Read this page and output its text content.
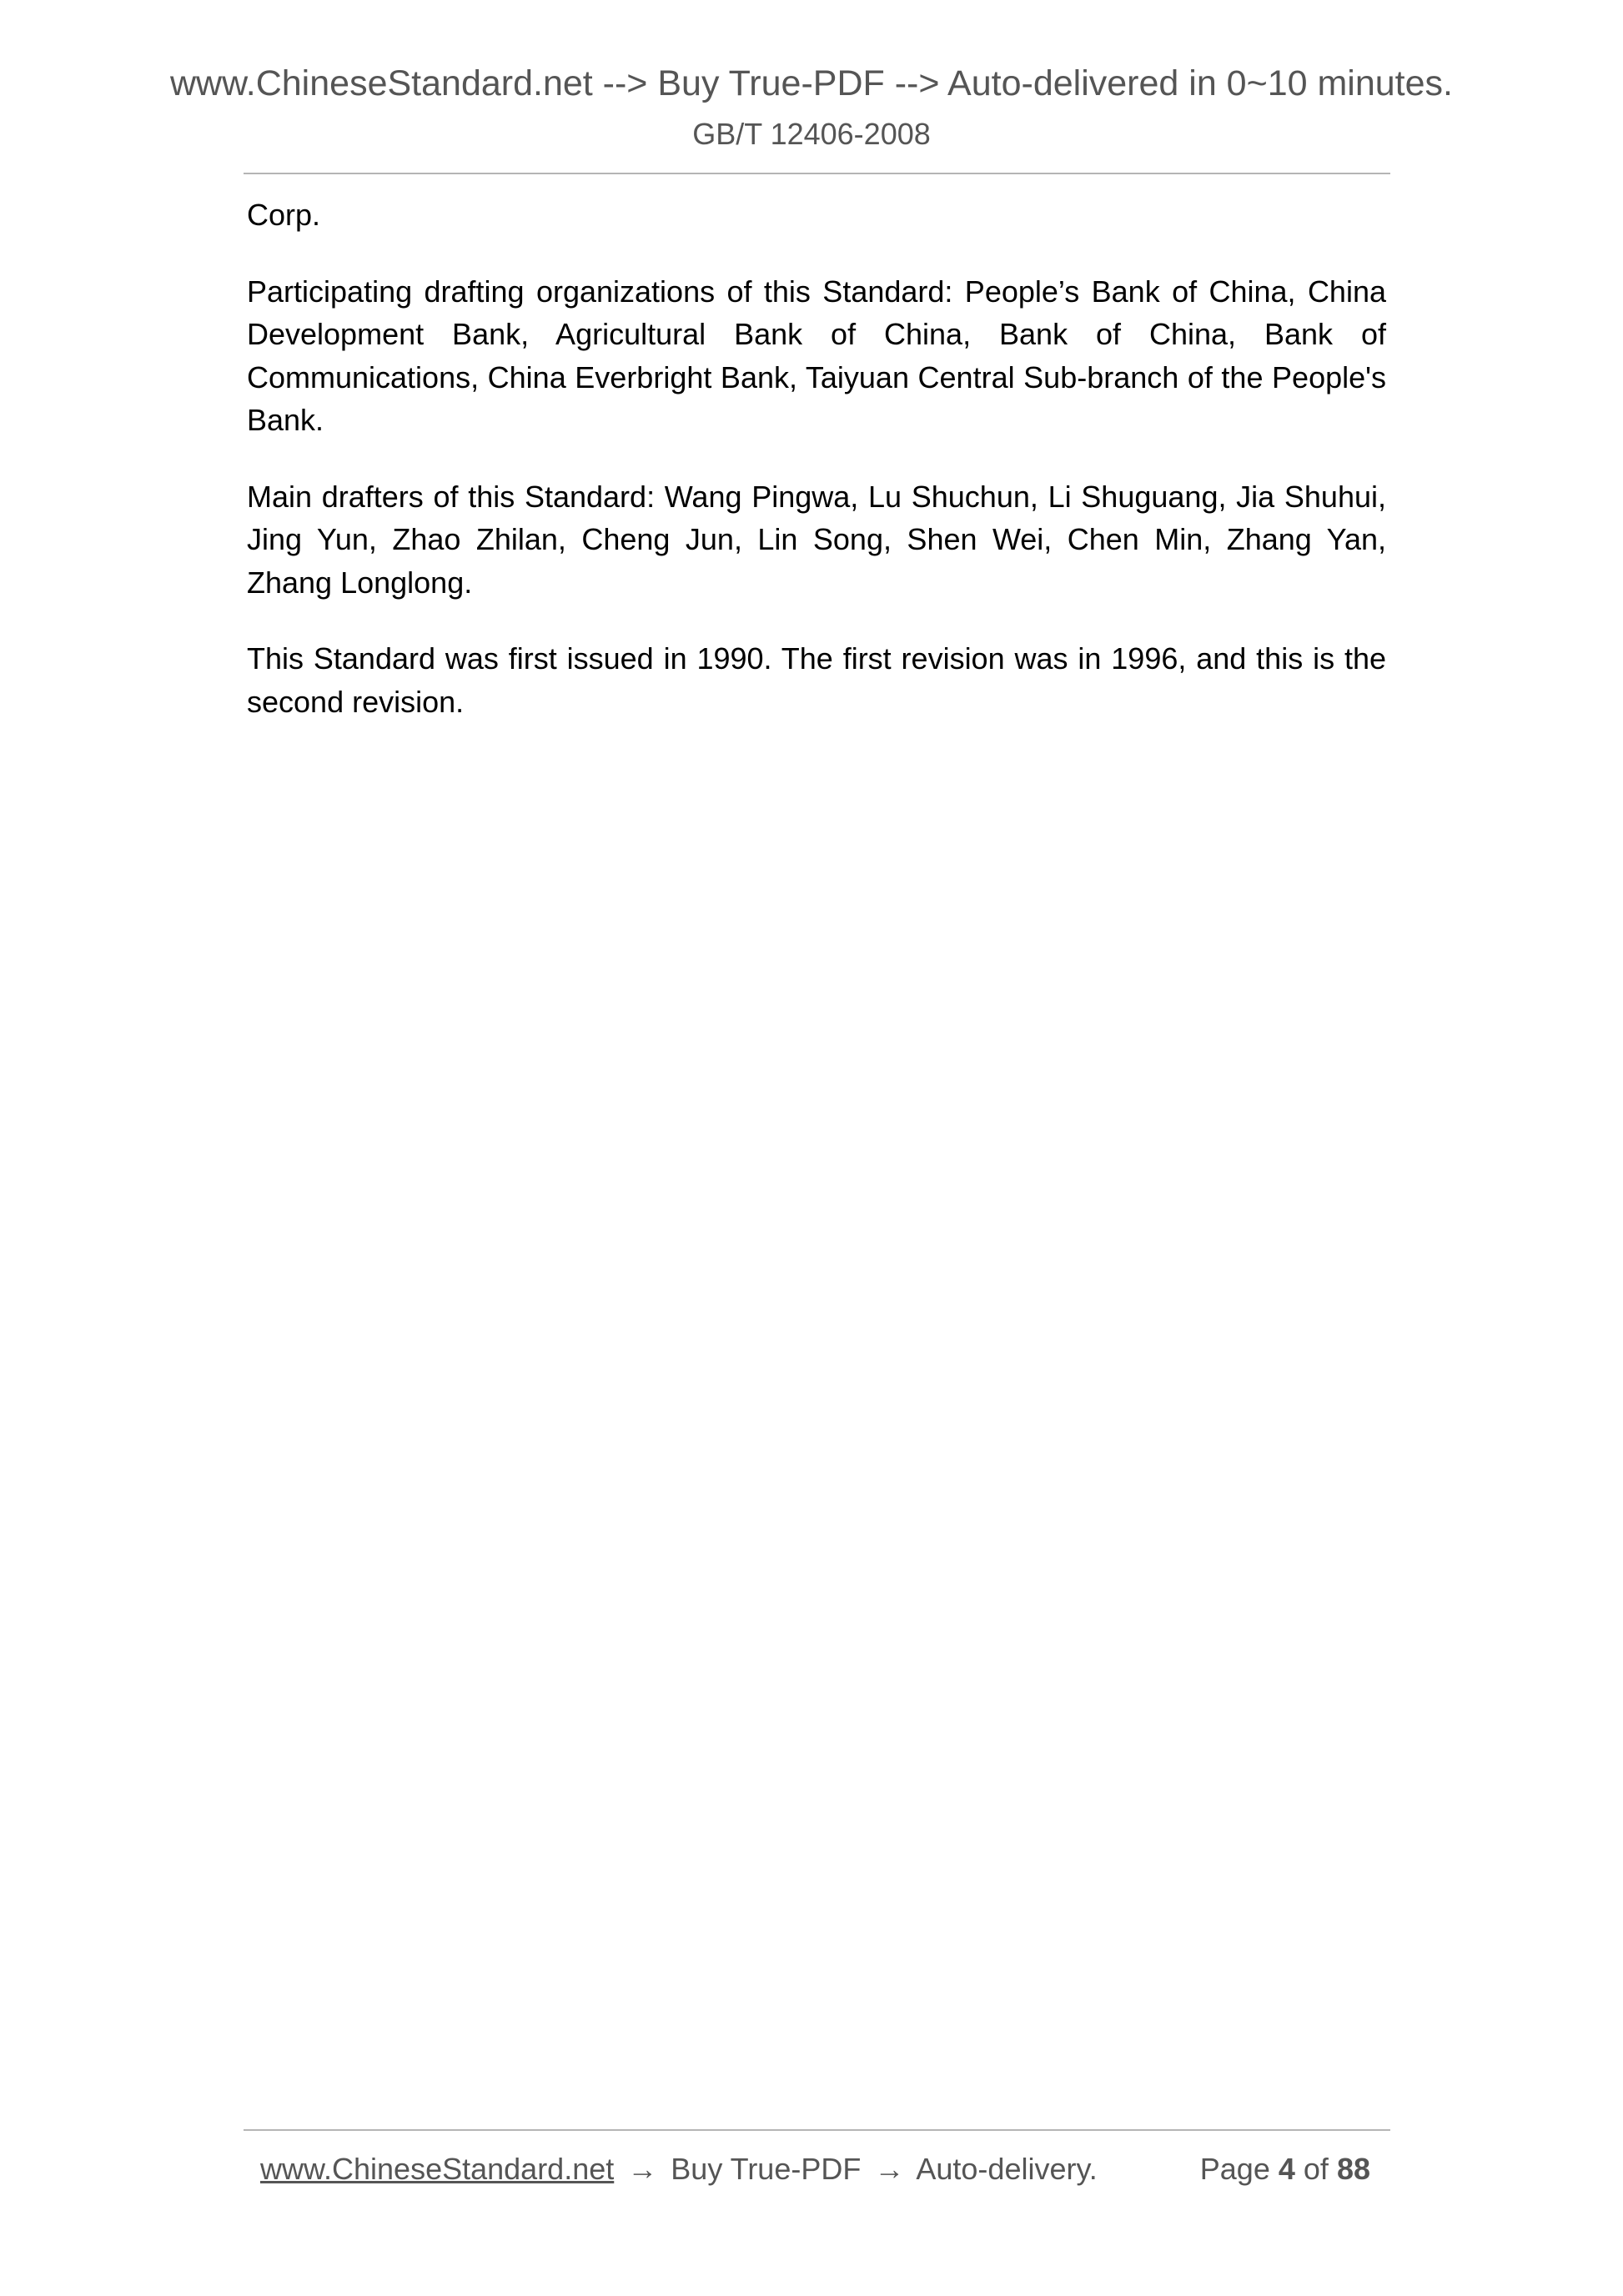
www.ChineseStandard.net --> Buy True-PDF --> Auto-delivered in 0~10 minutes.
GB/T 12406-2008

Corp.

Participating drafting organizations of this Standard: People’s Bank of China, China Development Bank, Agricultural Bank of China, Bank of China, Bank of Communications, China Everbright Bank, Taiyuan Central Sub-branch of the People's Bank.

Main drafters of this Standard: Wang Pingwa, Lu Shuchun, Li Shuguang, Jia Shuhui, Jing Yun, Zhao Zhilan, Cheng Jun, Lin Song, Shen Wei, Chen Min, Zhang Yan, Zhang Longlong.

This Standard was first issued in 1990. The first revision was in 1996, and this is the second revision.

www.ChineseStandard.net → Buy True-PDF → Auto-delivery.	Page 4 of 88
